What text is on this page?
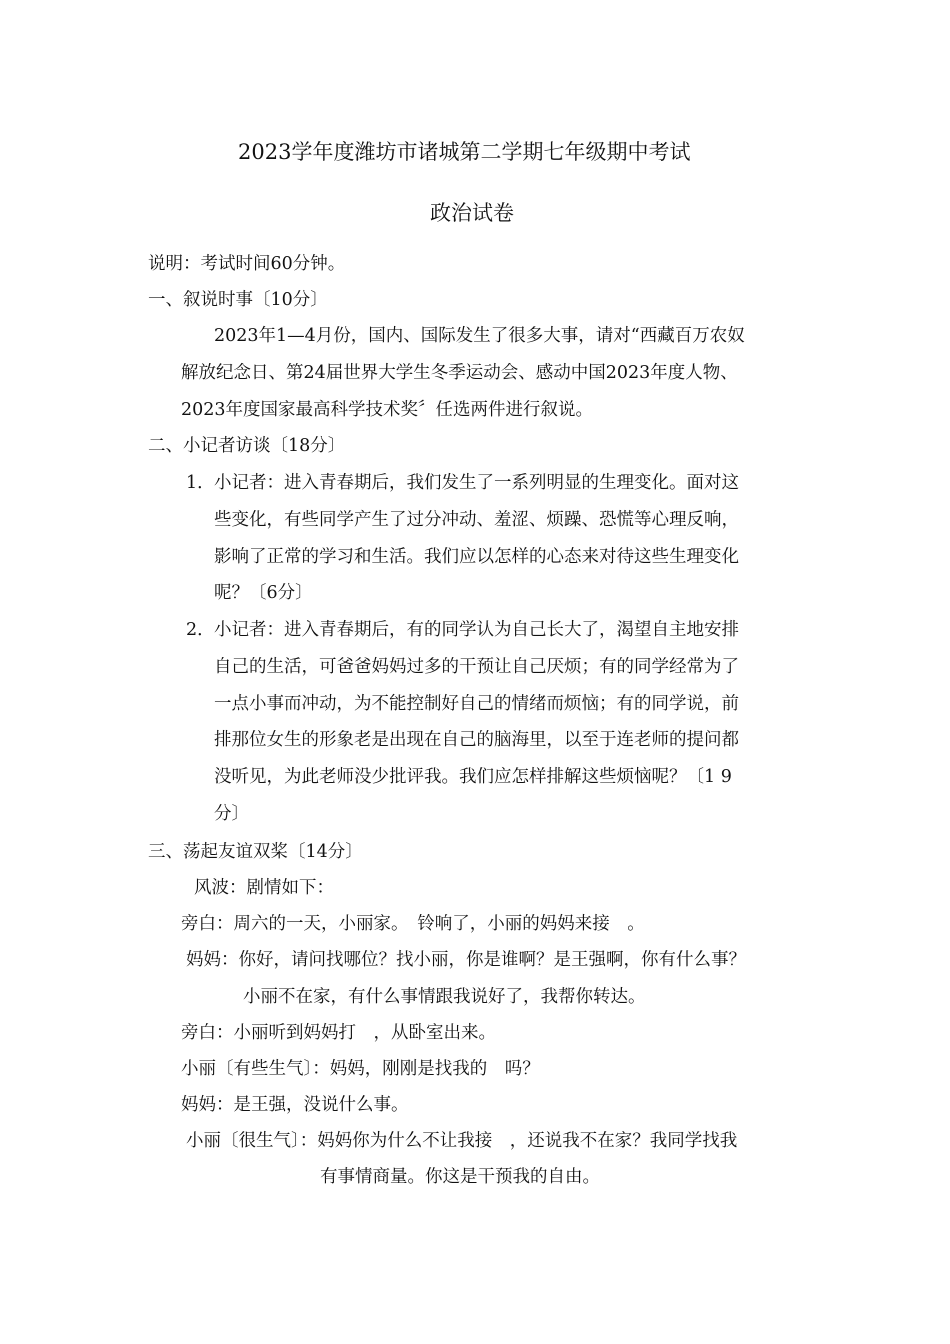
2023学年度潍坊市诸城第二学期七年级期中考试
政治试卷
说明：考试时间60分钟。
一、叙说时事〔10分〕
2023年1—4月份，国内、国际发生了很多大事，请对“西藏百万农奴
解放纪念日、第24届世界大学生冬季运动会、感动中国2023年度人物、
2023年度国家最高科学技术奖〞任选两件进行叙说。
二、小记者访谈〔18分〕
1． 小记者：进入青春期后，我们发生了一系列明显的生理变化。面对这
些变化，有些同学产生了过分冲动、羞涩、烦躁、恐慌等心理反响，
影响了正常的学习和生活。我们应以怎样的心态来对待这些生理变化
呢？〔6分〕
2． 小记者：进入青春期后，有的同学认为自己长大了，渴望自主地安排
自己的生活，可爸爸妈妈过多的干预让自己厌烦；有的同学经常为了
一点小事而冲动，为不能控制好自己的情绪而烦恼；有的同学说，前
排那位女生的形象老是出现在自己的脑海里，以至于连老师的提问都
没听见，为此老师没少批评我。我们应怎样排解这些烦恼呢？〔1 9
分〕
三、荡起友谊双桨〔14分〕
风波：剧情如下：
旁白：周六的一天，小丽家。　铃响了，小丽的妈妈来接　。
妈妈：你好，请问找哪位？找小丽，你是谁啊？是王强啊，你有什么事？
小丽不在家，有什么事情跟我说好了，我帮你转达。
旁白：小丽听到妈妈打　，从卧室出来。
小丽〔有些生气〕：妈妈，刚刚是找我的　吗？
妈妈：是王强，没说什么事。
小丽〔很生气〕：妈妈你为什么不让我接　，还说我不在家？我同学找我
有事情商量。你这是干预我的自由。
